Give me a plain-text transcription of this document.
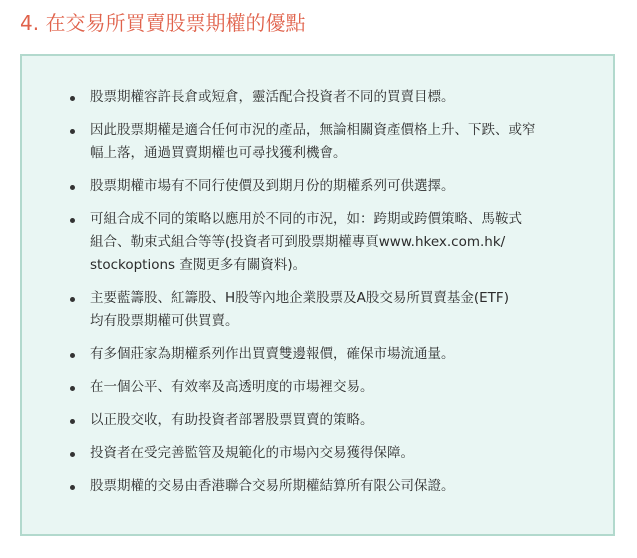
4. 在交易所買賣股票期權的優點
股票期權容許長倉或短倉，靈活配合投資者不同的買賣目標。
因此股票期權是適合任何市況的產品，無論相關資產價格上升、下跌、或窄
幅上落，通過買賣期權也可尋找獲利機會。
股票期權市場有不同行使價及到期月份的期權系列可供選擇。
可組合成不同的策略以應用於不同的市況，如：跨期或跨價策略、馬鞍式
組合、勒束式組合等等(投資者可到股票期權專頁www.hkex.com.hk/
stockoptions 查閱更多有關資料)。
主要藍籌股、紅籌股、H股等內地企業股票及A股交易所買賣基金(ETF)
均有股票期權可供買賣。
有多個莊家為期權系列作出買賣雙邊報價，確保市場流通量。
在一個公平、有效率及高透明度的市場裡交易。
以正股交收，有助投資者部署股票買賣的策略。
投資者在受完善監管及規範化的市場內交易獲得保障。
股票期權的交易由香港聯合交易所期權結算所有限公司保證。
